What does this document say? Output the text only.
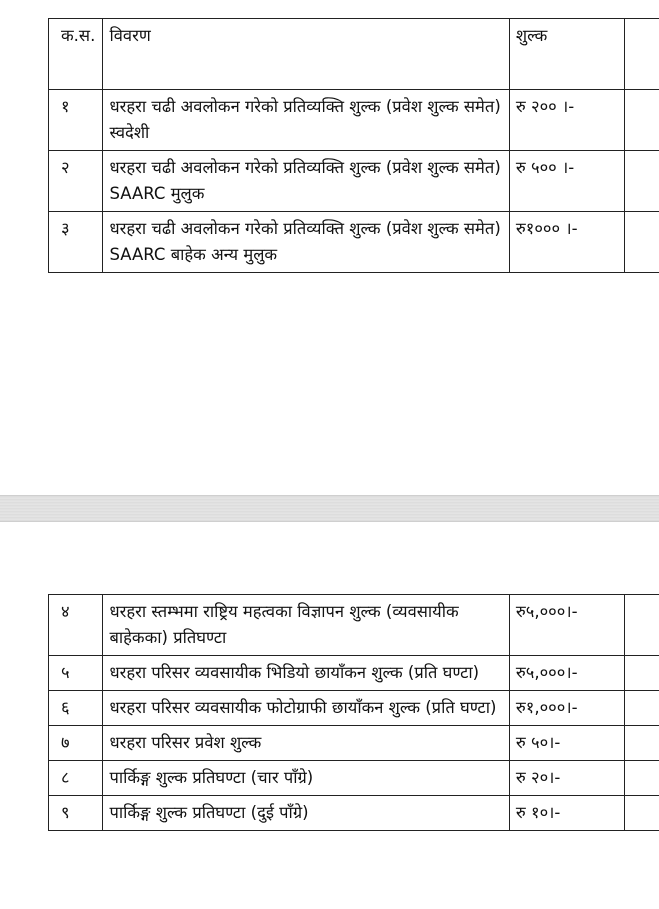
क.स.	विवरण	शुल्क	
१	धरहरा चढी अवलोकन गरेको प्रतिव्यक्ति शुल्क (प्रवेश शुल्क समेत) स्वदेशी	रु २०० ।-	
२	धरहरा चढी अवलोकन गरेको प्रतिव्यक्ति शुल्क (प्रवेश शुल्क समेत) SAARC मुलुक	रु ५०० ।-	
३	धरहरा चढी अवलोकन गरेको प्रतिव्यक्ति शुल्क (प्रवेश शुल्क समेत) SAARC बाहेक अन्य मुलुक	रु१००० ।-	
४	धरहरा स्तम्भमा राष्ट्रिय महत्वका विज्ञापन शुल्क (व्यवसायीक बाहेकका) प्रतिघण्टा	रु५,०००।-	
५	धरहरा परिसर व्यवसायीक भिडियो छायाँकन शुल्क (प्रति घण्टा)	रु५,०००।-	
६	धरहरा परिसर व्यवसायीक फोटोग्राफी छायाँकन शुल्क (प्रति घण्टा)	रु१,०००।-	
७	धरहरा परिसर प्रवेश शुल्क	रु ५०।-	
८	पार्किङ्ग शुल्क प्रतिघण्टा (चार पाँग्रे)	रु २०।-	
९	पार्किङ्ग शुल्क प्रतिघण्टा (दुई पाँग्रे)	रु १०।-	
